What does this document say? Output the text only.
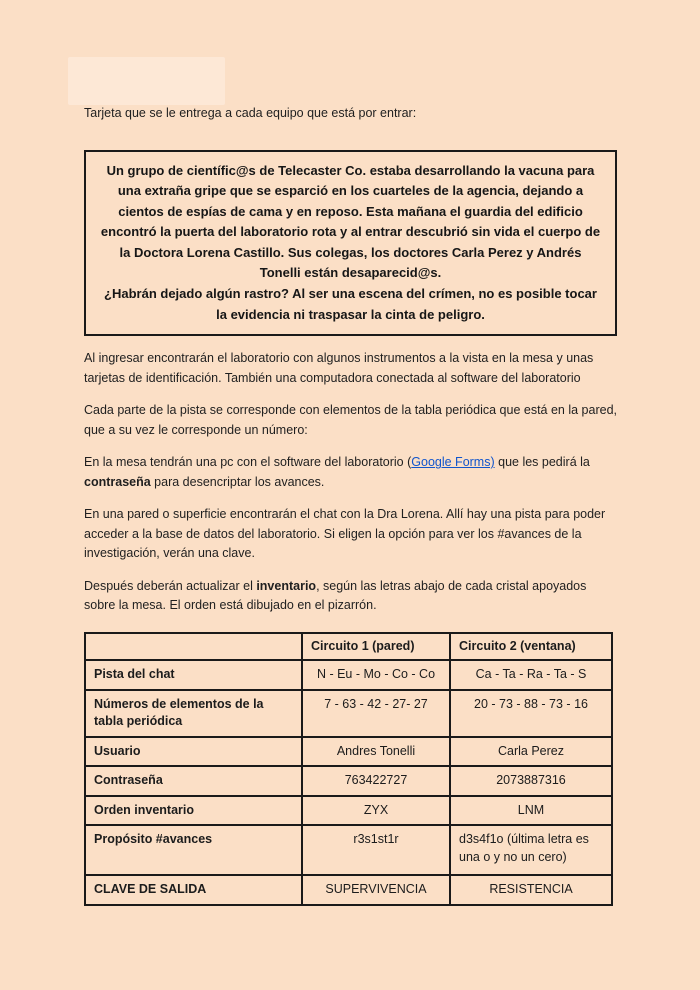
Tarjeta que se le entrega a cada equipo que está por entrar:

Un grupo de científic@s de Telecaster Co. estaba desarrollando la vacuna para una extraña gripe que se esparció en los cuarteles de la agencia, dejando a cientos de espías de cama y en reposo. Esta mañana el guardia del edificio encontró la puerta del laboratorio rota y al entrar descubrió sin vida el cuerpo de la Doctora Lorena Castillo. Sus colegas, los doctores Carla Perez y Andrés Tonelli están desaparecid@s.
¿Habrán dejado algún rastro? Al ser una escena del crímen, no es posible tocar la evidencia ni traspasar la cinta de peligro.

Al ingresar encontrarán el laboratorio con algunos instrumentos a la vista en la mesa y unas tarjetas de identificación. También una computadora conectada al software del laboratorio

Cada parte de la pista se corresponde con elementos de la tabla periódica que está en la pared, que a su vez le corresponde un número:

En la mesa tendrán una pc con el software del laboratorio (Google Forms) que les pedirá la contraseña para desencriptar los avances.

En una pared o superficie encontrarán el chat con la Dra Lorena. Allí hay una pista para poder acceder a la base de datos del laboratorio. Si eligen la opción para ver los #avances de la investigación, verán una clave.

Después deberán actualizar el inventario, según las letras abajo de cada cristal apoyados sobre la mesa. El orden está dibujado en el pizarrón.

	Circuito 1 (pared)	Circuito 2 (ventana)
Pista del chat	N - Eu - Mo - Co - Co	Ca - Ta - Ra - Ta - S
Números de elementos de la tabla periódica	7 - 63 - 42 - 27- 27	20 - 73 - 88 - 73 - 16
Usuario	Andres Tonelli	Carla Perez
Contraseña	763422727	2073887316
Orden inventario	ZYX	LNM
Propósito #avances	r3s1st1r	d3s4f1o (última letra es una o y no un cero)
CLAVE DE SALIDA	SUPERVIVENCIA	RESISTENCIA
